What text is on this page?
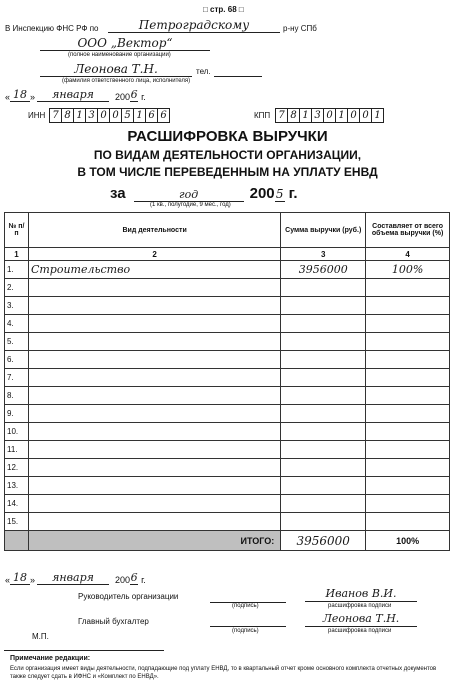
□ стр. 68 □
В Инспекцию ФНС РФ по	Петроградскому	р-ну СПб
ООО „Вектор“
(полное наименование организации)
Леонова Т.Н.	тел.
(фамилия ответственного лица, исполнителя)
« 18 »	января	200 6 г.
ИНН 7 8 1 3 0 0 5 1 6 6	КПП 7 8 1 3 0 1 0 0 1
РАСШИФРОВКА ВЫРУЧКИ
ПО ВИДАМ ДЕЯТЕЛЬНОСТИ ОРГАНИЗАЦИИ,
В ТОМ ЧИСЛЕ ПЕРЕВЕДЕННЫМ НА УПЛАТУ ЕНВД
за	год	200 5 г.
(1 кв., полугодие, 9 мес., год)
№ п/п	Вид деятельности	Сумма выручки (руб.)	Составляет от всего объема выручки (%)
1	2	3	4
1.	Строительство	3956000	100%
2.			
3.			
4.			
5.			
6.			
7.			
8.			
9.			
10.			
11.			
12.			
13.			
14.			
15.			
	ИТОГО:	3956000	100%
« 18 »	января	200 6 г.
Руководитель организации	Иванов В.И.
(подпись)	расшифровка подписи
Главный бухгалтер	Леонова Т.Н.
(подпись)	расшифровка подписи
М.П.
Примечание редакции:
Если организация имеет виды деятельности, подпадающие под уплату ЕНВД, то в квартальный отчет кроме основного комплекта отчетных документов также следует сдать в ИФНС и «Комплект по ЕНВД».
